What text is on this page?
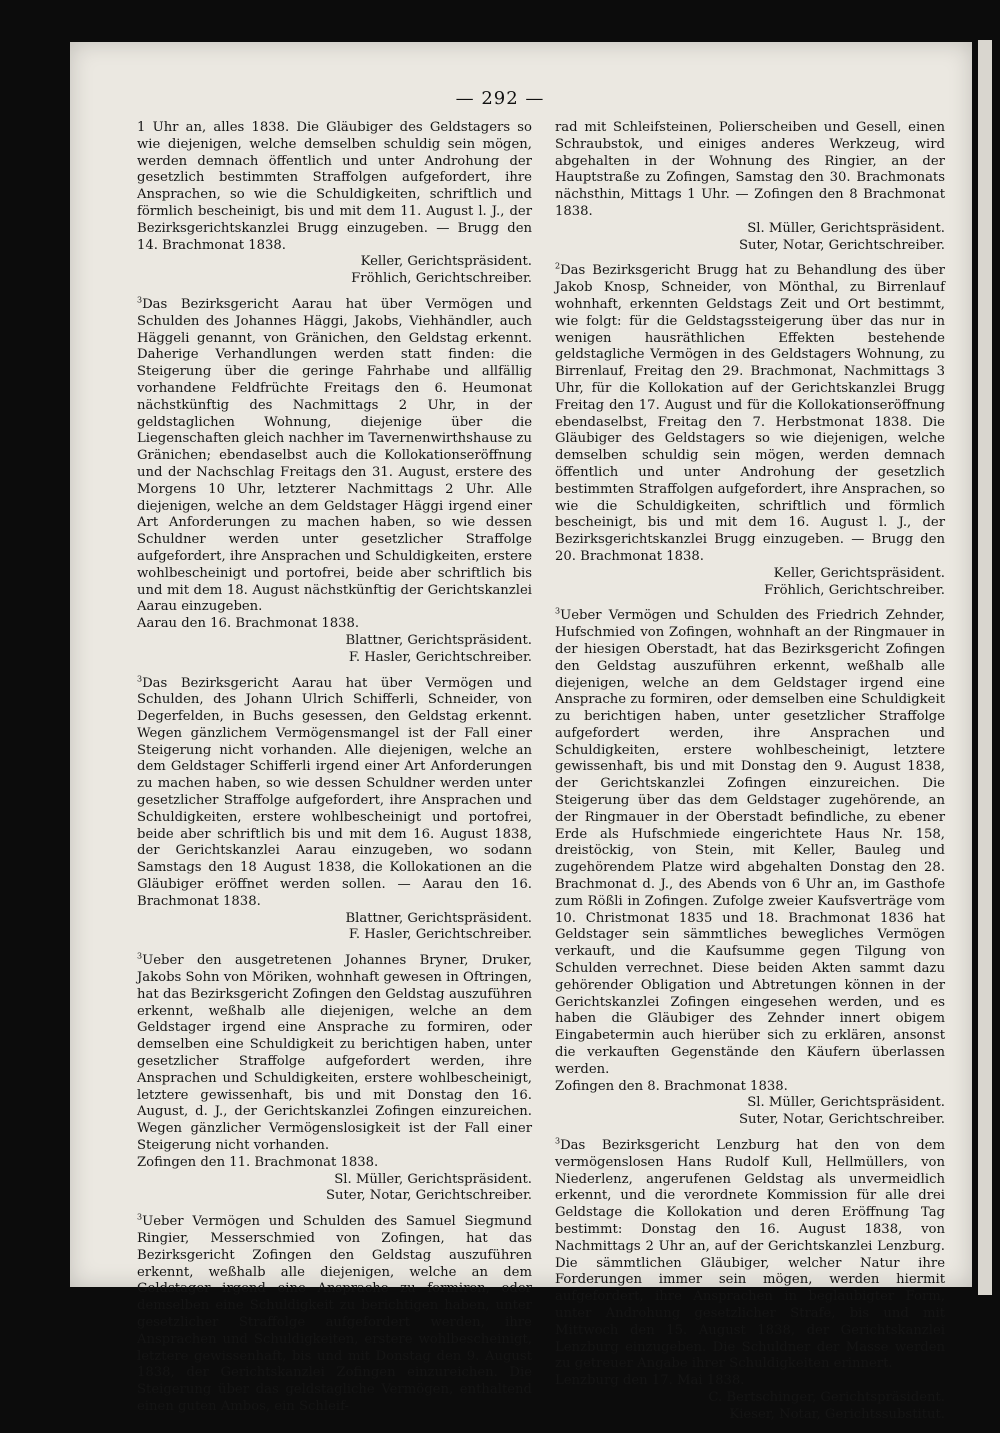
— 292 —

1 Uhr an, alles 1838. Die Gläubiger des Geldstagers so wie diejenigen, welche demselben schuldig sein mögen, werden demnach öffentlich und unter Androhung der gesetzlich bestimmten Straffolgen aufgefordert, ihre Ansprachen, so wie die Schuldigkeiten, schriftlich und förmlich bescheinigt, bis und mit dem 11. August l. J., der Bezirksgerichtskanzlei Brugg einzugeben. — Brugg den 14. Brachmonat 1838.

Keller, Gerichtspräsident.

Fröhlich, Gerichtschreiber.

$^3$Das Bezirksgericht Aarau hat über Vermögen und Schulden des Johannes Häggi, Jakobs, Viehhändler, auch Häggeli genannt, von Gränichen, den Geldstag erkennt. Daherige Verhandlungen werden statt finden: die Steigerung über die geringe Fahrhabe und allfällig vorhandene Feldfrüchte Freitags den 6. Heumonat nächstkünftig des Nachmittags 2 Uhr, in der geldstaglichen Wohnung, diejenige über die Liegenschaften gleich nachher im Tavernenwirthshause zu Gränichen; ebendaselbst auch die Kollokationseröffnung und der Nachschlag Freitags den 31. August, erstere des Morgens 10 Uhr, letzterer Nachmittags 2 Uhr. Alle diejenigen, welche an dem Geldstager Häggi irgend einer Art Anforderungen zu machen haben, so wie dessen Schuldner werden unter gesetzlicher Straffolge aufgefordert, ihre Ansprachen und Schuldigkeiten, erstere wohlbescheinigt und portofrei, beide aber schriftlich bis und mit dem 18. August nächstkünftig der Gerichtskanzlei Aarau einzugeben.

Aarau den 16. Brachmonat 1838.

Blattner, Gerichtspräsident.

F. Hasler, Gerichtschreiber.

$^3$Das Bezirksgericht Aarau hat über Vermögen und Schulden, des Johann Ulrich Schifferli, Schneider, von Degerfelden, in Buchs gesessen, den Geldstag erkennt. Wegen gänzlichem Vermögensmangel ist der Fall einer Steigerung nicht vorhanden. Alle diejenigen, welche an dem Geldstager Schifferli irgend einer Art Anforderungen zu machen haben, so wie dessen Schuldner werden unter gesetzlicher Straffolge aufgefordert, ihre Ansprachen und Schuldigkeiten, erstere wohlbescheinigt und portofrei, beide aber schriftlich bis und mit dem 16. August 1838, der Gerichtskanzlei Aarau einzugeben, wo sodann Samstags den 18 August 1838, die Kollokationen an die Gläubiger eröffnet werden sollen. — Aarau den 16. Brachmonat 1838.

Blattner, Gerichtspräsident.

F. Hasler, Gerichtschreiber.

$^3$Ueber den ausgetretenen Johannes Bryner, Druker, Jakobs Sohn von Möriken, wohnhaft gewesen in Oftringen, hat das Bezirksgericht Zofingen den Geldstag auszuführen erkennt, weßhalb alle diejenigen, welche an dem Geldstager irgend eine Ansprache zu formiren, oder demselben eine Schuldigkeit zu berichtigen haben, unter gesetzlicher Straffolge aufgefordert werden, ihre Ansprachen und Schuldigkeiten, erstere wohlbescheinigt, letztere gewissenhaft, bis und mit Donstag den 16. August, d. J., der Gerichtskanzlei Zofingen einzureichen. Wegen gänzlicher Vermögenslosigkeit ist der Fall einer Steigerung nicht vorhanden.

Zofingen den 11. Brachmonat 1838.

Sl. Müller, Gerichtspräsident.

Suter, Notar, Gerichtschreiber.

$^3$Ueber Vermögen und Schulden des Samuel Siegmund Ringier, Messerschmied von Zofingen, hat das Bezirksgericht Zofingen den Geldstag auszuführen erkennt, weßhalb alle diejenigen, welche an dem Geldstager irgend eine Ansprache zu formiren, oder demselben eine Schuldigkeit zu berichtigen haben, unter gesetzlicher Straffolge aufgefordert werden, ihre Ansprachen und Schuldigkeiten, erstere wohlbescheinigt, letztere gewissenhaft, bis und mit Donstag den 9. August 1838, der Gerichtskanzlei Zofingen einzureichen. Die Steigerung über das geldstagliche Vermögen, enthaltend einen guten Ambos, ein Schleif-

rad mit Schleifsteinen, Polierscheiben und Gesell, einen Schraubstok, und einiges anderes Werkzeug, wird abgehalten in der Wohnung des Ringier, an der Hauptstraße zu Zofingen, Samstag den 30. Brachmonats nächsthin, Mittags 1 Uhr. — Zofingen den 8 Brachmonat 1838.

Sl. Müller, Gerichtspräsident.

Suter, Notar, Gerichtschreiber.

$^2$Das Bezirksgericht Brugg hat zu Behandlung des über Jakob Knosp, Schneider, von Mönthal, zu Birrenlauf wohnhaft, erkennten Geldstags Zeit und Ort bestimmt, wie folgt: für die Geldstagssteigerung über das nur in wenigen hausräthlichen Effekten bestehende geldstagliche Vermögen in des Geldstagers Wohnung, zu Birrenlauf, Freitag den 29. Brachmonat, Nachmittags 3 Uhr, für die Kollokation auf der Gerichtskanzlei Brugg Freitag den 17. August und für die Kollokationseröffnung ebendaselbst, Freitag den 7. Herbstmonat 1838. Die Gläubiger des Geldstagers so wie diejenigen, welche demselben schuldig sein mögen, werden demnach öffentlich und unter Androhung der gesetzlich bestimmten Straffolgen aufgefordert, ihre Ansprachen, so wie die Schuldigkeiten, schriftlich und förmlich bescheinigt, bis und mit dem 16. August l. J., der Bezirksgerichtskanzlei Brugg einzugeben. — Brugg den 20. Brachmonat 1838.

Keller, Gerichtspräsident.

Fröhlich, Gerichtschreiber.

$^3$Ueber Vermögen und Schulden des Friedrich Zehnder, Hufschmied von Zofingen, wohnhaft an der Ringmauer in der hiesigen Oberstadt, hat das Bezirksgericht Zofingen den Geldstag auszuführen erkennt, weßhalb alle diejenigen, welche an dem Geldstager irgend eine Ansprache zu formiren, oder demselben eine Schuldigkeit zu berichtigen haben, unter gesetzlicher Straffolge aufgefordert werden, ihre Ansprachen und Schuldigkeiten, erstere wohlbescheinigt, letztere gewissenhaft, bis und mit Donstag den 9. August 1838, der Gerichtskanzlei Zofingen einzureichen. Die Steigerung über das dem Geldstager zugehörende, an der Ringmauer in der Oberstadt befindliche, zu ebener Erde als Hufschmiede eingerichtete Haus Nr. 158, dreistöckig, von Stein, mit Keller, Bauleg und zugehörendem Platze wird abgehalten Donstag den 28. Brachmonat d. J., des Abends von 6 Uhr an, im Gasthofe zum Rößli in Zofingen. Zufolge zweier Kaufsverträge vom 10. Christmonat 1835 und 18. Brachmonat 1836 hat Geldstager sein sämmtliches bewegliches Vermögen verkauft, und die Kaufsumme gegen Tilgung von Schulden verrechnet. Diese beiden Akten sammt dazu gehörender Obligation und Abtretungen können in der Gerichtskanzlei Zofingen eingesehen werden, und es haben die Gläubiger des Zehnder innert obigem Eingabetermin auch hierüber sich zu erklären, ansonst die verkauften Gegenstände den Käufern überlassen werden.

Zofingen den 8. Brachmonat 1838.

Sl. Müller, Gerichtspräsident.

Suter, Notar, Gerichtschreiber.

$^3$Das Bezirksgericht Lenzburg hat den von dem vermögenslosen Hans Rudolf Kull, Hellmüllers, von Niederlenz, angerufenen Geldstag als unvermeidlich erkennt, und die verordnete Kommission für alle drei Geldstage die Kollokation und deren Eröffnung Tag bestimmt: Donstag den 16. August 1838, von Nachmittags 2 Uhr an, auf der Gerichtskanzlei Lenzburg. Die sämmtlichen Gläubiger, welcher Natur ihre Forderungen immer sein mögen, werden hiermit aufgefordert, ihre Ansprachen in beglaubigter Form, unter Androhung gesetzlicher Strafe, bis und mit Mittwoch den 15. August 1838, der Gerichtskanzlei Lenzburg einzugeben. Die Schuldner der Masse werden zu getreuer Angabe ihrer Schuldigkeiten erinnert.

Lenzburg den 17. Mai 1838.

C. Bertschinger, Gerichtspräsident.

Kieser, Notar, Gerichtssubstitut.
